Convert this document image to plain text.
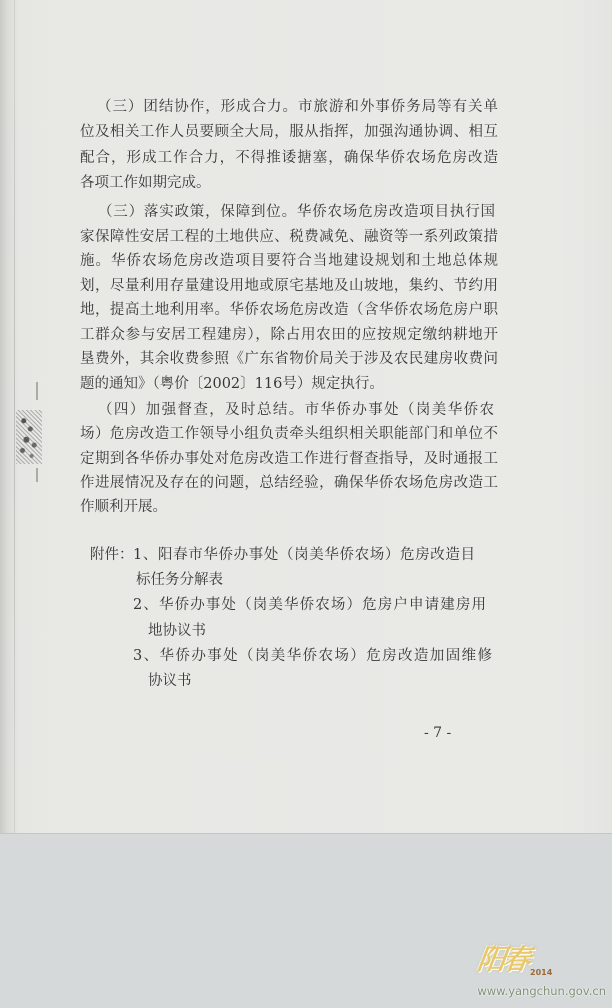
（三）团结协作，形成合力。市旅游和外事侨务局等有关单
位及相关工作人员要顾全大局，服从指挥，加强沟通协调、相互
配合，形成工作合力，不得推诿搪塞，确保华侨农场危房改造
各项工作如期完成。
（三）落实政策，保障到位。华侨农场危房改造项目执行国
家保障性安居工程的土地供应、税费减免、融资等一系列政策措
施。华侨农场危房改造项目要符合当地建设规划和土地总体规
划，尽量利用存量建设用地或原宅基地及山坡地，集约、节约用
地，提高土地利用率。华侨农场危房改造（含华侨农场危房户职
工群众参与安居工程建房），除占用农田的应按规定缴纳耕地开
垦费外，其余收费参照《广东省物价局关于涉及农民建房收费问
题的通知》（粤价〔2002〕116号）规定执行。
（四）加强督查，及时总结。市华侨办事处（岗美华侨农
场）危房改造工作领导小组负责牵头组织相关职能部门和单位不
定期到各华侨办事处对危房改造工作进行督查指导，及时通报工
作进展情况及存在的问题，总结经验，确保华侨农场危房改造工
作顺利开展。
附件： 1、阳春市华侨办事处（岗美华侨农场）危房改造目
标任务分解表
2、华侨办事处（岗美华侨农场）危房户申请建房用
地协议书
3、华侨办事处（岗美华侨农场）危房改造加固维修
协议书
- 7 -
阳春 2014
www.yangchun.gov.cn
